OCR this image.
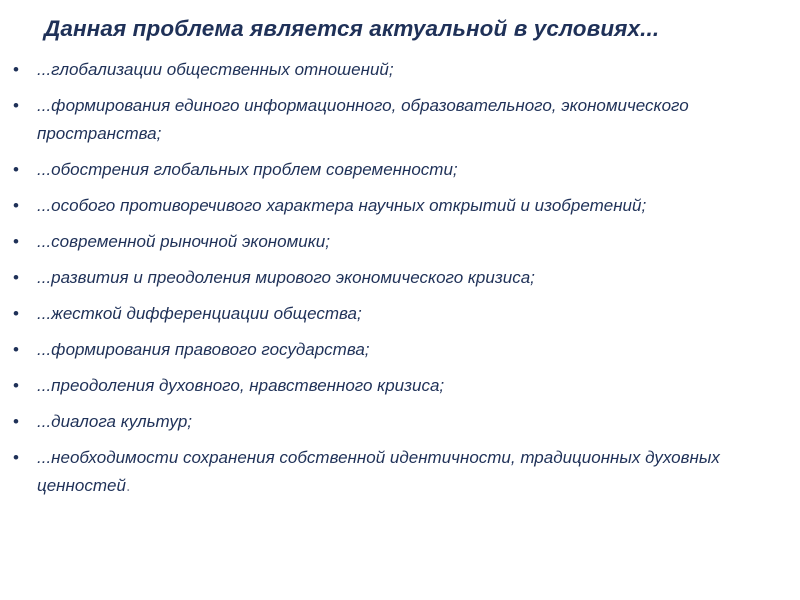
Данная проблема является актуальной в условиях...
• ...глобализации общественных отношений;
• ...формирования единого информационного, образовательного, экономического пространства;
• ...обострения глобальных проблем современности;
• ...особого противоречивого характера научных открытий и изобретений;
• ...современной рыночной экономики;
• ...развития и преодоления мирового экономического кризиса;
• ...жесткой дифференциации общества;
• ...формирования правового государства;
• ...преодоления духовного, нравственного кризиса;
• ...диалога культур;
• ...необходимости сохранения собственной идентичности, традиционных духовных ценностей.
